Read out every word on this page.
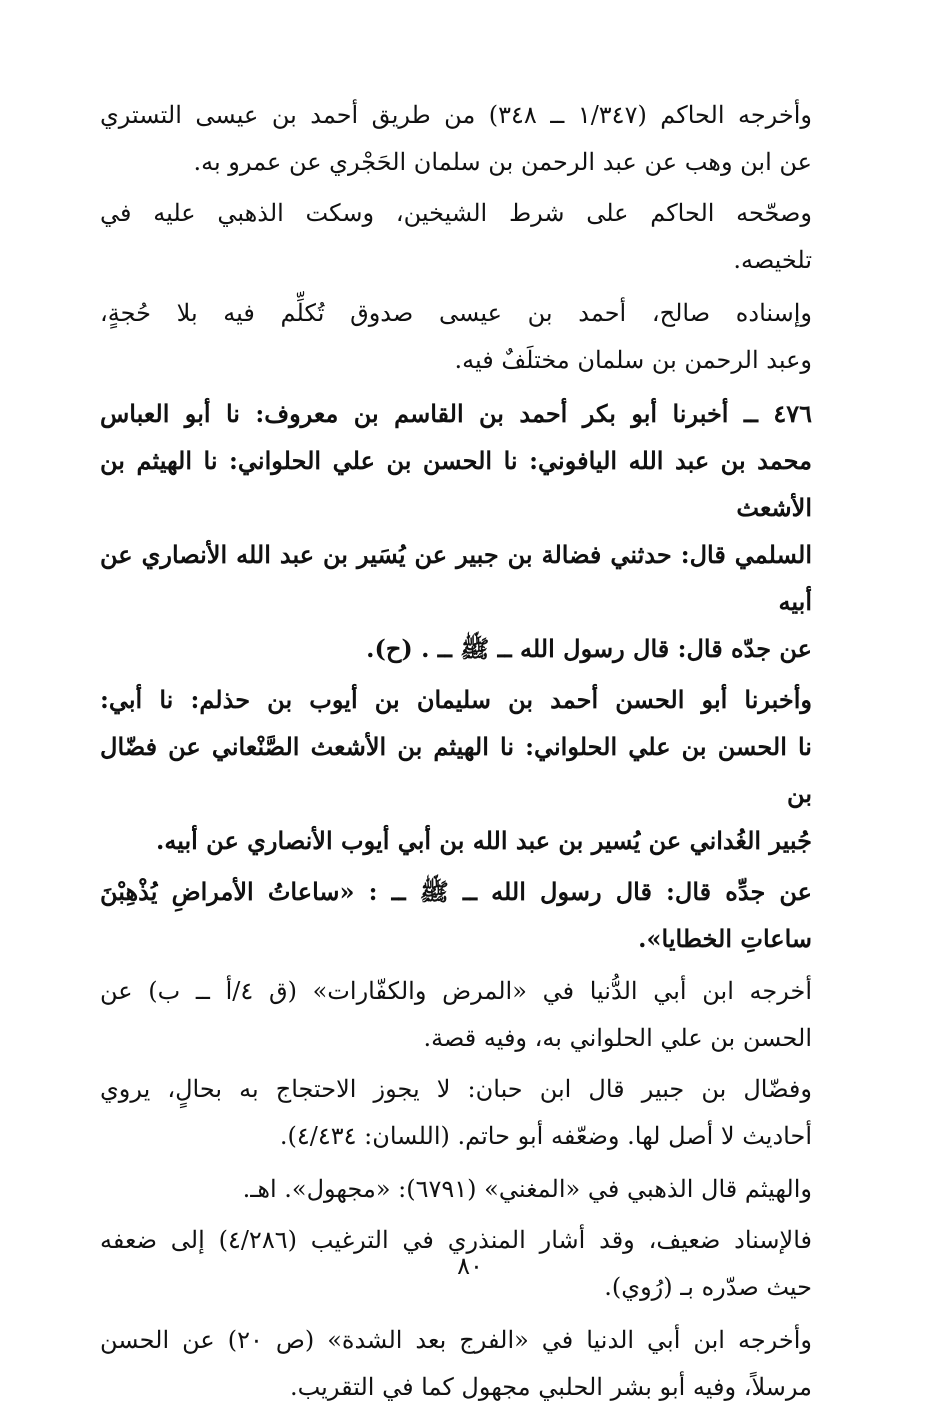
وأخرجه الحاكم (١/٣٤٧ ــ ٣٤٨) من طريق أحمد بن عيسى التستري
عن ابن وهب عن عبد الرحمن بن سلمان الحَجْري عن عمرو به.
وصحّحه الحاكم على شرط الشيخين، وسكت الذهبي عليه في
تلخيصه.
وإسناده صالح، أحمد بن عيسى صدوق تُكلِّم فيه بلا حُجةٍ،
وعبد الرحمن بن سلمان مختلَفٌ فيه.
٤٧٦ ــ أخبرنا أبو بكر أحمد بن القاسم بن معروف: نا أبو العباس
محمد بن عبد الله اليافوني: نا الحسن بن علي الحلواني: نا الهيثم بن الأشعث
السلمي قال: حدثني فضالة بن جبير عن يُسَير بن عبد الله الأنصاري عن أبيه
عن جدّه قال: قال رسول الله ــ ﷺ ــ . (ح).
وأخبرنا أبو الحسن أحمد بن سليمان بن أيوب بن حذلم: نا أبي:
نا الحسن بن علي الحلواني: نا الهيثم بن الأشعث الصَّنْعاني عن فضّال بن
جُبير الغُداني عن يُسير بن عبد الله بن أبي أيوب الأنصاري عن أبيه.
عن جدِّه قال: قال رسول الله ــ ﷺ ــ : «ساعاتُ الأمراضِ يُذْهِبْنَ
ساعاتِ الخطايا».
أخرجه ابن أبي الدُّنيا في «المرض والكفّارات» (ق ٤/أ ــ ب) عن
الحسن بن علي الحلواني به، وفيه قصة.
وفضّال بن جبير قال ابن حبان: لا يجوز الاحتجاج به بحالٍ، يروي
أحاديث لا أصل لها. وضعّفه أبو حاتم. (اللسان: ٤/٤٣٤).
والهيثم قال الذهبي في «المغني» (٦٧٩١): «مجهول». اهـ.
فالإسناد ضعيف، وقد أشار المنذري في الترغيب (٤/٢٨٦) إلى ضعفه
حيث صدّره بـ (رُوي).
وأخرجه ابن أبي الدنيا في «الفرج بعد الشدة» (ص ٢٠) عن الحسن
مرسلاً، وفيه أبو بشر الحلبي مجهول كما في التقريب.
٨٠
